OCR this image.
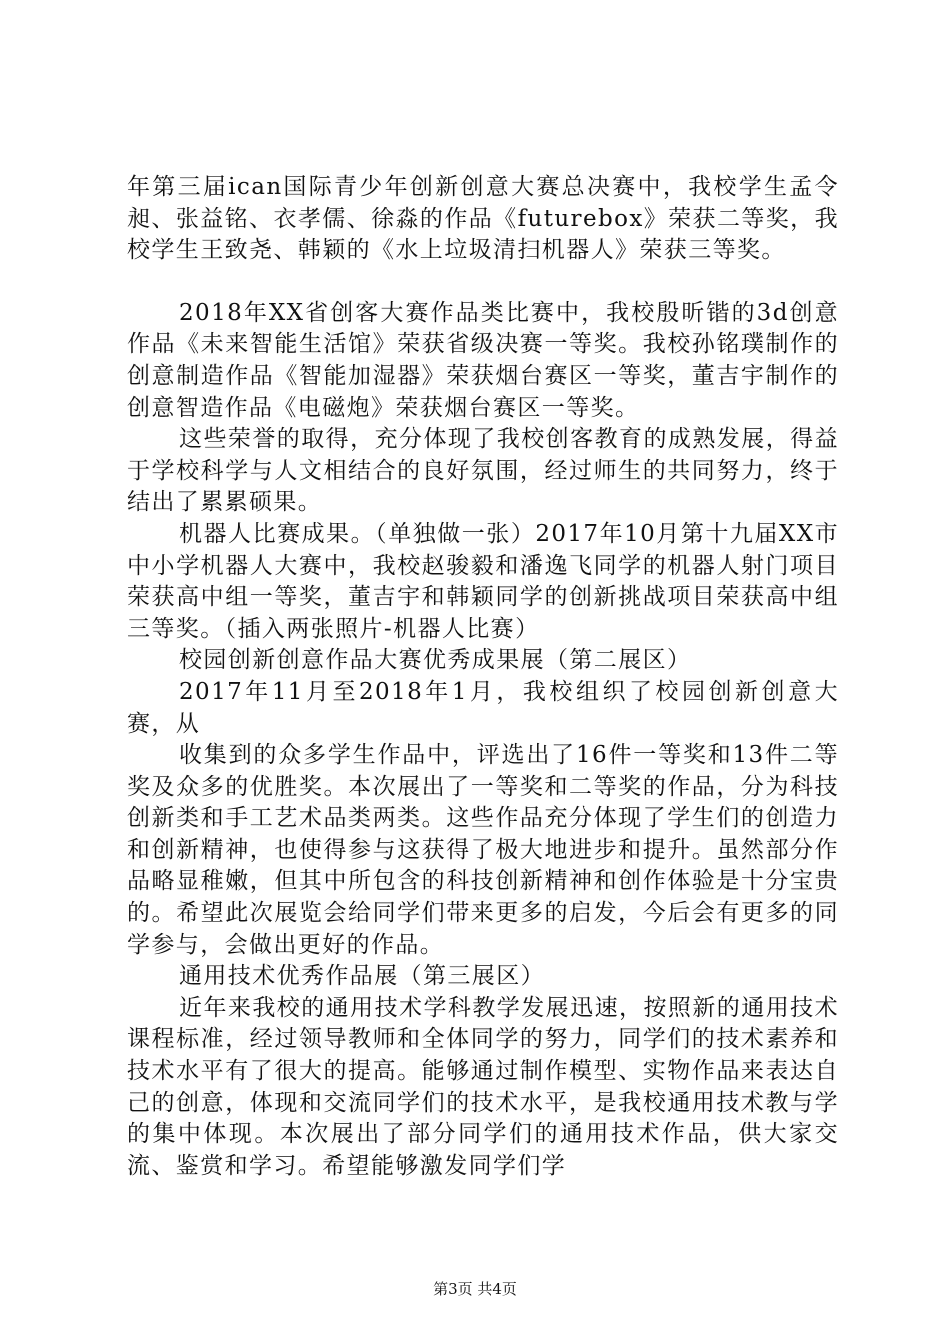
年第三届ican国际青少年创新创意大赛总决赛中，我校学生孟令昶、张益铭、衣孝儒、徐淼的作品《futurebox》荣获二等奖，我校学生王致尧、韩颖的《水上垃圾清扫机器人》荣获三等奖。

2018年XX省创客大赛作品类比赛中，我校殷昕锴的3d创意作品《未来智能生活馆》荣获省级决赛一等奖。我校孙铭璞制作的创意制造作品《智能加湿器》荣获烟台赛区一等奖，董吉宇制作的创意智造作品《电磁炮》荣获烟台赛区一等奖。

这些荣誉的取得，充分体现了我校创客教育的成熟发展，得益于学校科学与人文相结合的良好氛围，经过师生的共同努力，终于结出了累累硕果。

机器人比赛成果。（单独做一张）2017年10月第十九届XX市中小学机器人大赛中，我校赵骏毅和潘逸飞同学的机器人射门项目荣获高中组一等奖，董吉宇和韩颖同学的创新挑战项目荣获高中组三等奖。（插入两张照片-机器人比赛）

校园创新创意作品大赛优秀成果展（第二展区）

2017年11月至2018年1月，我校组织了校园创新创意大赛，从

收集到的众多学生作品中，评选出了16件一等奖和13件二等奖及众多的优胜奖。本次展出了一等奖和二等奖的作品，分为科技创新类和手工艺术品类两类。这些作品充分体现了学生们的创造力和创新精神，也使得参与这获得了极大地进步和提升。虽然部分作品略显稚嫩，但其中所包含的科技创新精神和创作体验是十分宝贵的。希望此次展览会给同学们带来更多的启发，今后会有更多的同学参与，会做出更好的作品。

通用技术优秀作品展（第三展区）

近年来我校的通用技术学科教学发展迅速，按照新的通用技术课程标准，经过领导教师和全体同学的努力，同学们的技术素养和技术水平有了很大的提高。能够通过制作模型、实物作品来表达自己的创意，体现和交流同学们的技术水平，是我校通用技术教与学的集中体现。本次展出了部分同学们的通用技术作品，供大家交流、鉴赏和学习。希望能够激发同学们学

第3页 共4页
